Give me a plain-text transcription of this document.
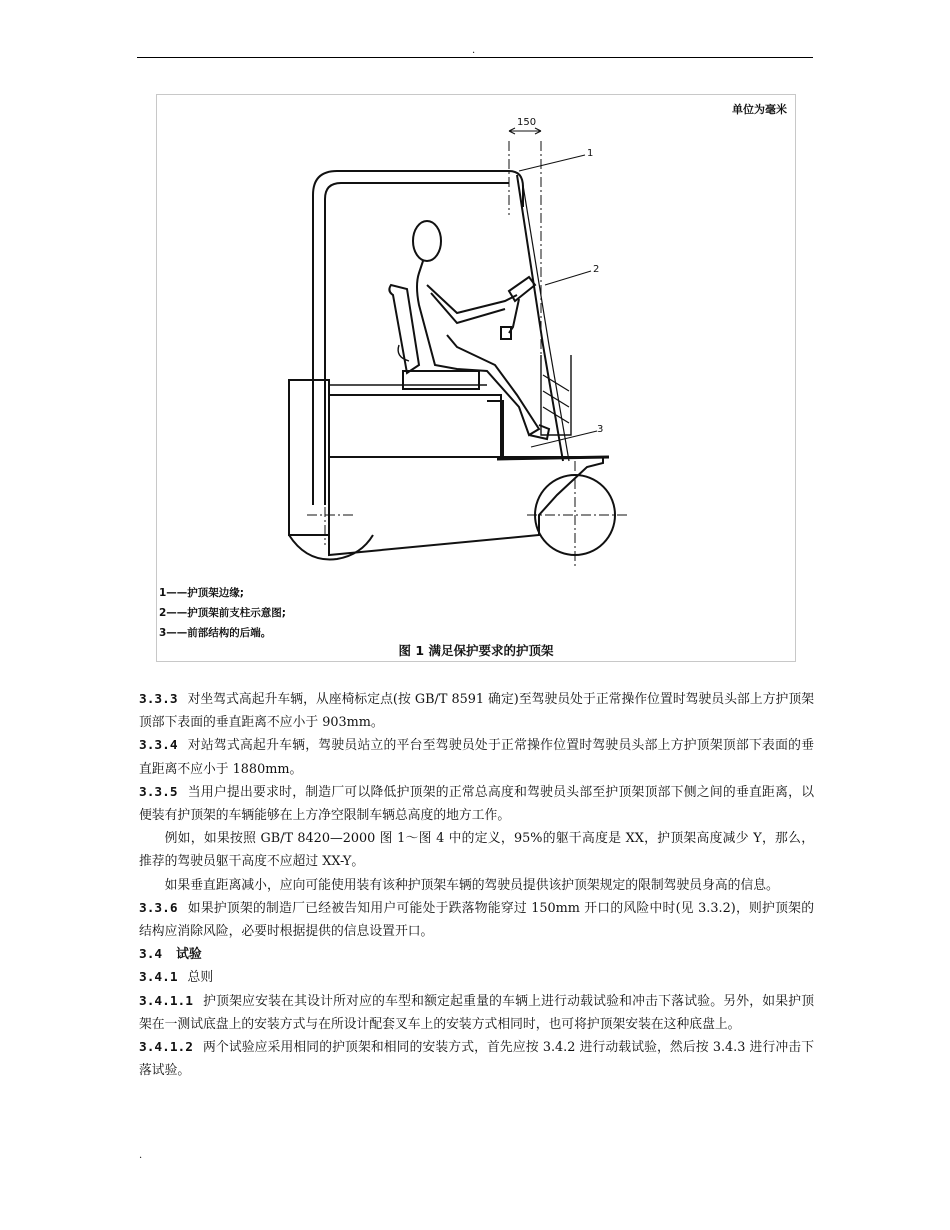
.
单位为毫米
150
1
2
3
1——护顶架边缘;
2——护顶架前支柱示意图;
3——前部结构的后端。
图 1 满足保护要求的护顶架

3.3.3 对坐驾式高起升车辆，从座椅标定点(按 GB/T 8591 确定)至驾驶员处于正常操作位置时驾驶员头部上方护顶架顶部下表面的垂直距离不应小于 903mm。

3.3.4 对站驾式高起升车辆，驾驶员站立的平台至驾驶员处于正常操作位置时驾驶员头部上方护顶架顶部下表面的垂直距离不应小于 1880mm。

3.3.5 当用户提出要求时，制造厂可以降低护顶架的正常总高度和驾驶员头部至护顶架顶部下侧之间的垂直距离，以便装有护顶架的车辆能够在上方净空限制车辆总高度的地方工作。

例如，如果按照 GB/T 8420—2000 图 1～图 4 中的定义，95%的躯干高度是 XX，护顶架高度减少 Y，那么，推荐的驾驶员躯干高度不应超过 XX-Y。

如果垂直距离减小，应向可能使用装有该种护顶架车辆的驾驶员提供该护顶架规定的限制驾驶员身高的信息。

3.3.6 如果护顶架的制造厂已经被告知用户可能处于跌落物能穿过 150mm 开口的风险中时(见 3.3.2)，则护顶架的结构应消除风险，必要时根据提供的信息设置开口。

3.4 试验

3.4.1 总则

3.4.1.1 护顶架应安装在其设计所对应的车型和额定起重量的车辆上进行动载试验和冲击下落试验。另外，如果护顶架在一测试底盘上的安装方式与在所设计配套叉车上的安装方式相同时，也可将护顶架安装在这种底盘上。

3.4.1.2 两个试验应采用相同的护顶架和相同的安装方式，首先应按 3.4.2 进行动载试验，然后按 3.4.3 进行冲击下落试验。

.
